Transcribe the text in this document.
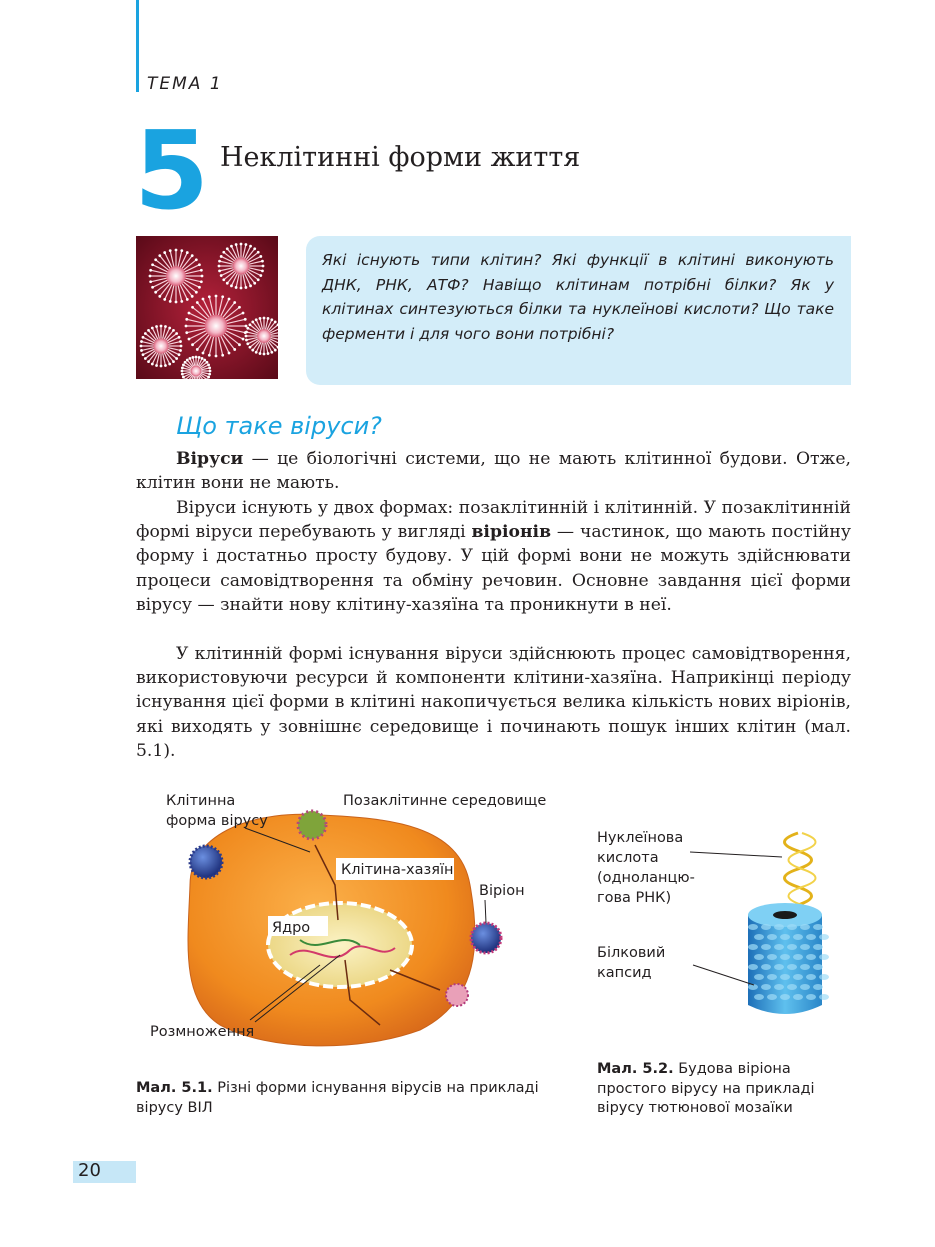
ТЕМА 1
5 Неклітинні форми життя
Які існують типи клітин? Які функції в клітині виконують ДНК, РНК, АТФ? Навіщо клітинам потрібні білки? Як у клітинах синтезуються білки та нуклеїнові кислоти? Що таке ферменти і для чого вони потрібні?
Що таке віруси?

Віруси — це біологічні системи, що не мають клітинної будови. Отже, клітин вони не мають.

Віруси існують у двох формах: позаклітинній і клітинній. У позаклітинній формі віруси перебувають у вигляді віріонів — частинок, що мають постійну форму і достатньо просту будову. У цій формі вони не можуть здійснювати процеси самовідтворення та обміну речовин. Основне завдання цієї форми вірусу — знайти нову клітину-хазяїна та проникнути в неї.

У клітинній формі існування віруси здійснюють процес самовідтворення, використовуючи ресурси й компоненти клітини-хазяїна. Наприкінці періоду існування цієї форми в клітині накопичується велика кількість нових віріонів, які виходять у зовнішнє середовище і починають пошук інших клітин (мал. 5.1).

Клітинна
форма вірусу
Позаклітинне середовище
Клітина-хазяїн
Віріон
Ядро
Розмноження
Мал. 5.1. Різні форми існування вірусів на прикладі вірусу ВІЛ
Нуклеїнова
кислота
(одноланцю-
гова РНК)
Білковий
капсид
Мал. 5.2. Будова віріона
простого вірусу на прикладі
вірусу тютюнової мозаїки
20
